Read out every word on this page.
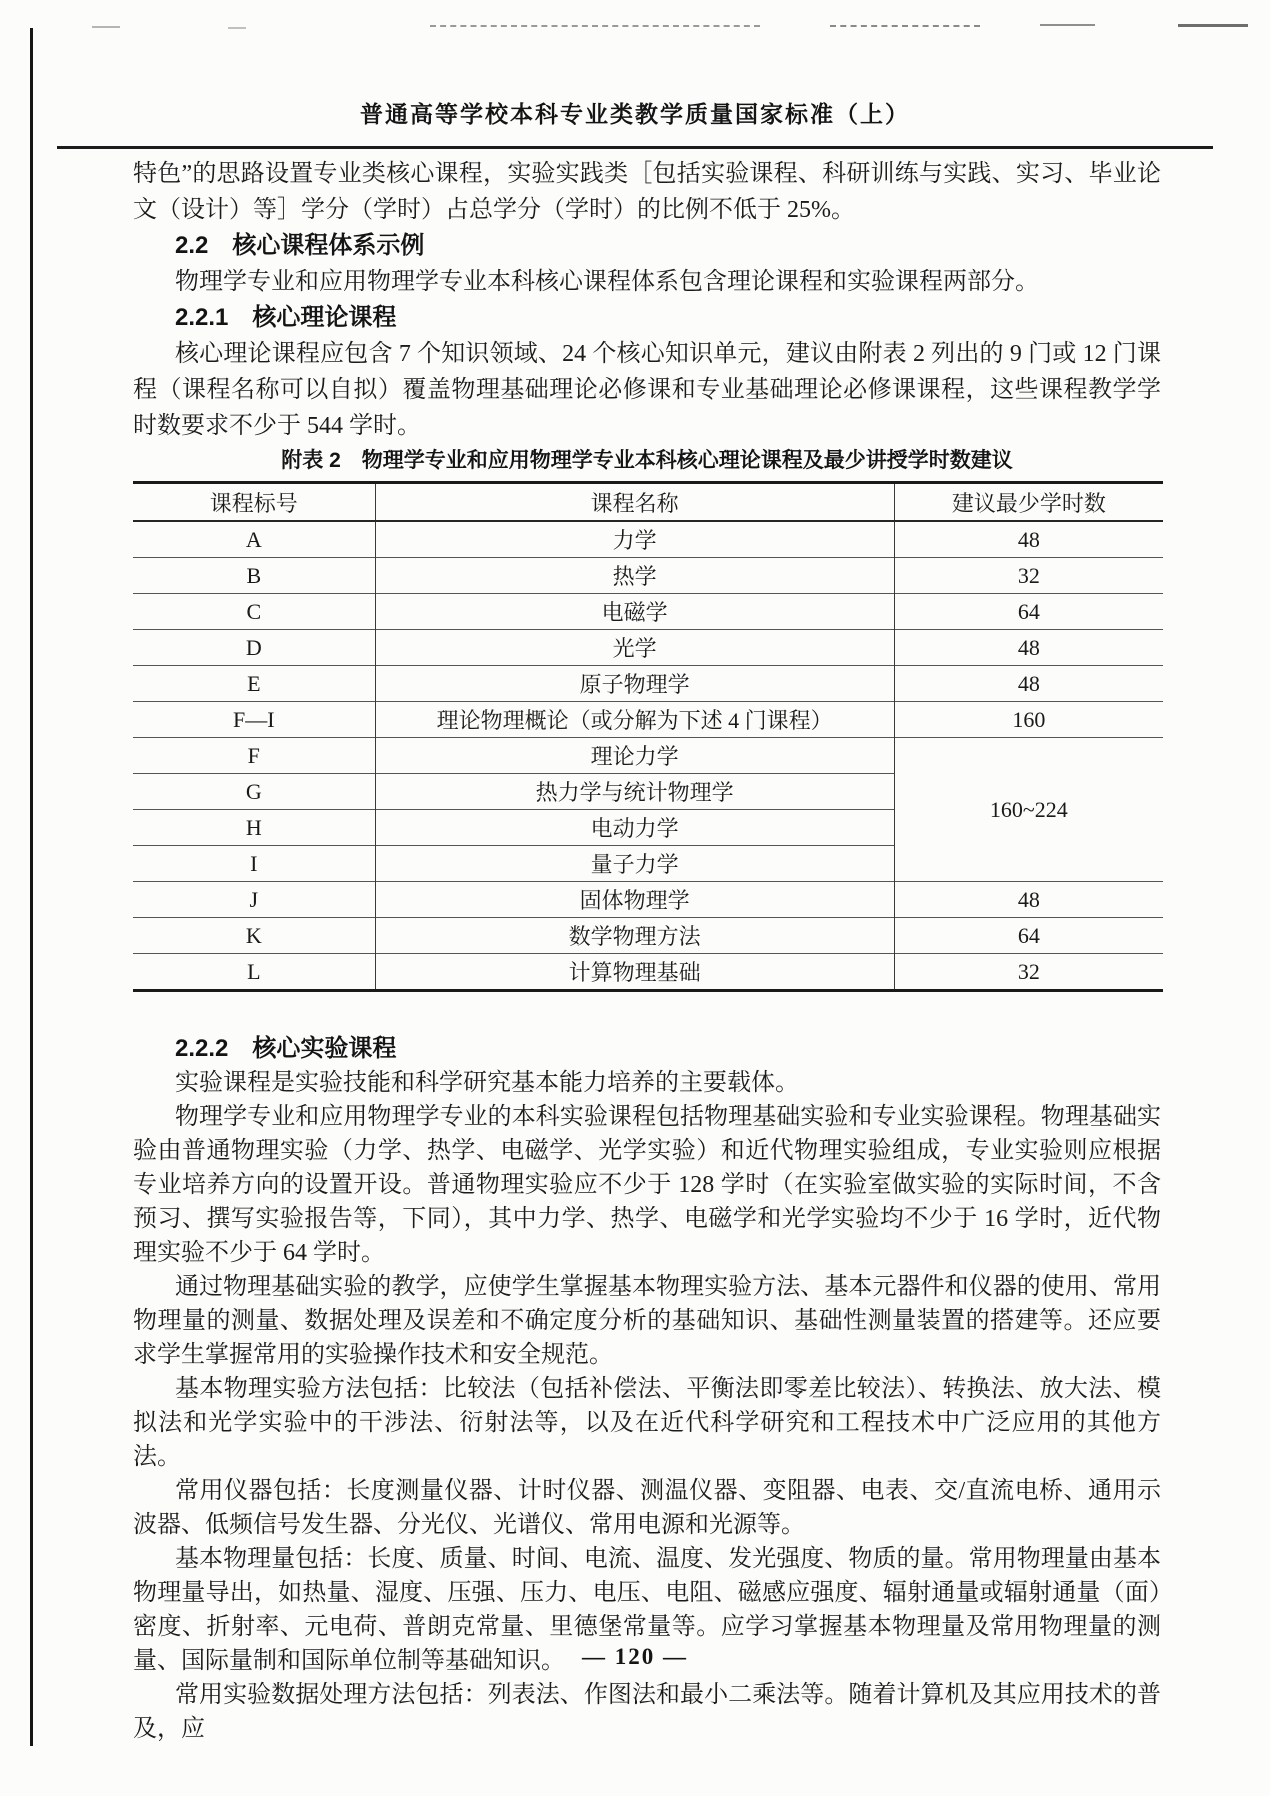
普通高等学校本科专业类教学质量国家标准（上）

特色”的思路设置专业类核心课程，实验实践类［包括实验课程、科研训练与实践、实习、毕业论文（设计）等］学分（学时）占总学分（学时）的比例不低于 25%。

2.2　核心课程体系示例

物理学专业和应用物理学专业本科核心课程体系包含理论课程和实验课程两部分。

2.2.1　核心理论课程

核心理论课程应包含 7 个知识领域、24 个核心知识单元，建议由附表 2 列出的 9 门或 12 门课程（课程名称可以自拟）覆盖物理基础理论必修课和专业基础理论必修课课程，这些课程教学学时数要求不少于 544 学时。

附表 2　物理学专业和应用物理学专业本科核心理论课程及最少讲授学时数建议
课程标号	课程名称	建议最少学时数
A	力学	48
B	热学	32
C	电磁学	64
D	光学	48
E	原子物理学	48
F—I	理论物理概论（或分解为下述 4 门课程）	160
F	理论力学	160~224
G	热力学与统计物理学	
H	电动力学	
I	量子力学	
J	固体物理学	48
K	数学物理方法	64
L	计算物理基础	32
2.2.2　核心实验课程

实验课程是实验技能和科学研究基本能力培养的主要载体。

物理学专业和应用物理学专业的本科实验课程包括物理基础实验和专业实验课程。物理基础实验由普通物理实验（力学、热学、电磁学、光学实验）和近代物理实验组成，专业实验则应根据专业培养方向的设置开设。普通物理实验应不少于 128 学时（在实验室做实验的实际时间，不含预习、撰写实验报告等，下同），其中力学、热学、电磁学和光学实验均不少于 16 学时，近代物理实验不少于 64 学时。

通过物理基础实验的教学，应使学生掌握基本物理实验方法、基本元器件和仪器的使用、常用物理量的测量、数据处理及误差和不确定度分析的基础知识、基础性测量装置的搭建等。还应要求学生掌握常用的实验操作技术和安全规范。

基本物理实验方法包括：比较法（包括补偿法、平衡法即零差比较法）、转换法、放大法、模拟法和光学实验中的干涉法、衍射法等，以及在近代科学研究和工程技术中广泛应用的其他方法。

常用仪器包括：长度测量仪器、计时仪器、测温仪器、变阻器、电表、交/直流电桥、通用示波器、低频信号发生器、分光仪、光谱仪、常用电源和光源等。

基本物理量包括：长度、质量、时间、电流、温度、发光强度、物质的量。常用物理量由基本物理量导出，如热量、湿度、压强、压力、电压、电阻、磁感应强度、辐射通量或辐射通量（面）密度、折射率、元电荷、普朗克常量、里德堡常量等。应学习掌握基本物理量及常用物理量的测量、国际量制和国际单位制等基础知识。

常用实验数据处理方法包括：列表法、作图法和最小二乘法等。随着计算机及其应用技术的普及，应

— 120 —
